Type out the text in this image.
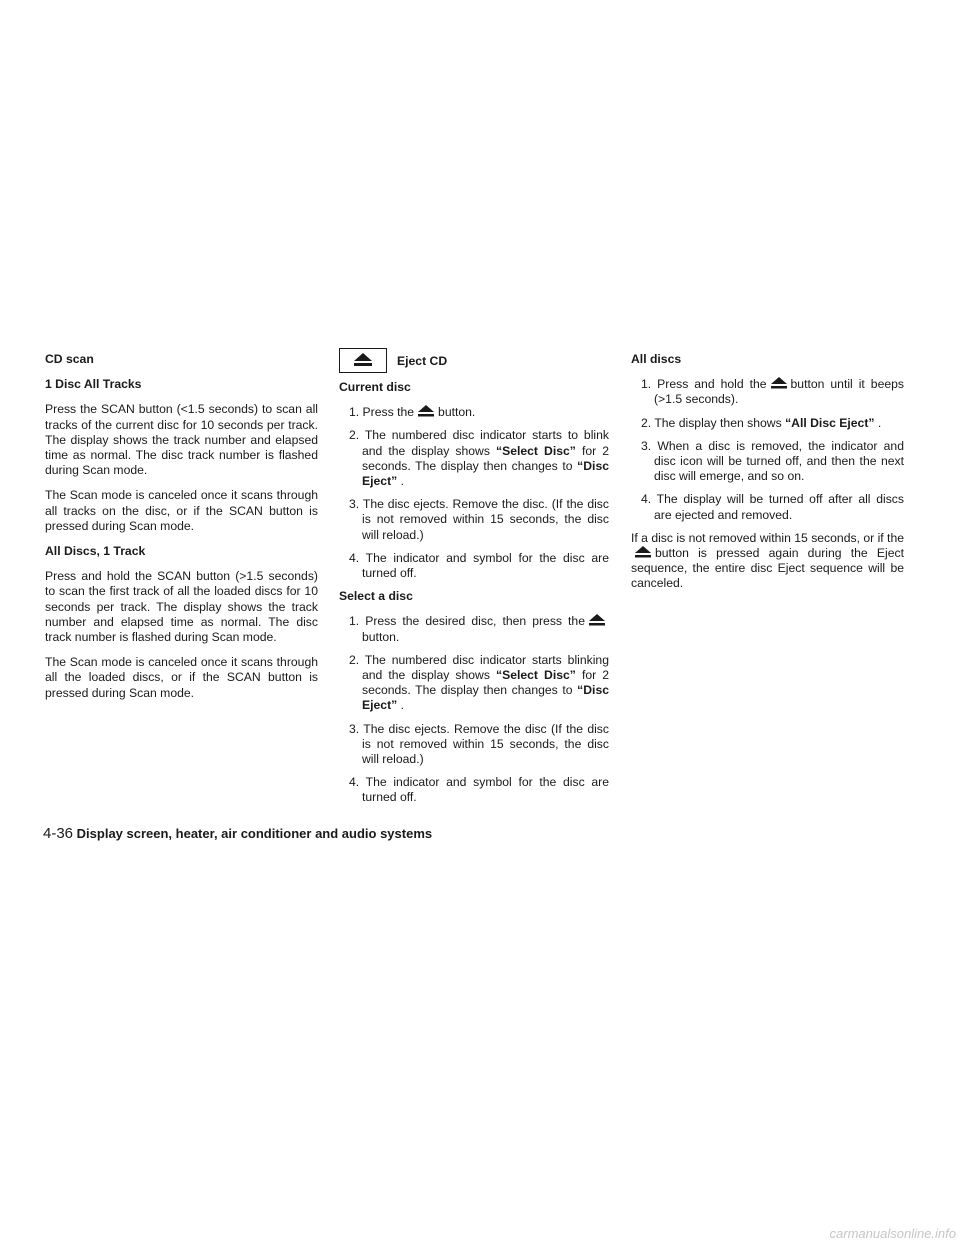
CD scan
1 Disc All Tracks
Press the SCAN button (<1.5 seconds) to scan all tracks of the current disc for 10 seconds per track. The display shows the track number and elapsed time as normal. The disc track number is flashed during Scan mode.
The Scan mode is canceled once it scans through all tracks on the disc, or if the SCAN button is pressed during Scan mode.
All Discs, 1 Track
Press and hold the SCAN button (>1.5 seconds) to scan the first track of all the loaded discs for 10 seconds per track. The display shows the track number and elapsed time as normal. The disc track number is flashed during Scan mode.
The Scan mode is canceled once it scans through all the loaded discs, or if the SCAN button is pressed during Scan mode.
Eject CD
Current disc
1. Press the button.
2. The numbered disc indicator starts to blink and the display shows “Select Disc” for 2 seconds. The display then changes to “Disc Eject” .
3. The disc ejects. Remove the disc. (If the disc is not removed within 15 seconds, the disc will reload.)
4. The indicator and symbol for the disc are turned off.
Select a disc
1. Press the desired disc, then press the
button.
2. The numbered disc indicator starts blinking and the display shows “Select Disc” for 2 seconds. The display then changes to “Disc Eject” .
3. The disc ejects. Remove the disc (If the disc is not removed within 15 seconds, the disc will reload.)
4. The indicator and symbol for the disc are turned off.
All discs
1. Press and hold the button until it beeps (>1.5 seconds).
2. The display then shows “All Disc Eject” .
3. When a disc is removed, the indicator and disc icon will be turned off, and then the next disc will emerge, and so on.
4. The display will be turned off after all discs are ejected and removed.
If a disc is not removed within 15 seconds, or if the
button is pressed again during the Eject sequence, the entire disc Eject sequence will be canceled.
4-36 Display screen, heater, air conditioner and audio systems
carmanualsonline.info
